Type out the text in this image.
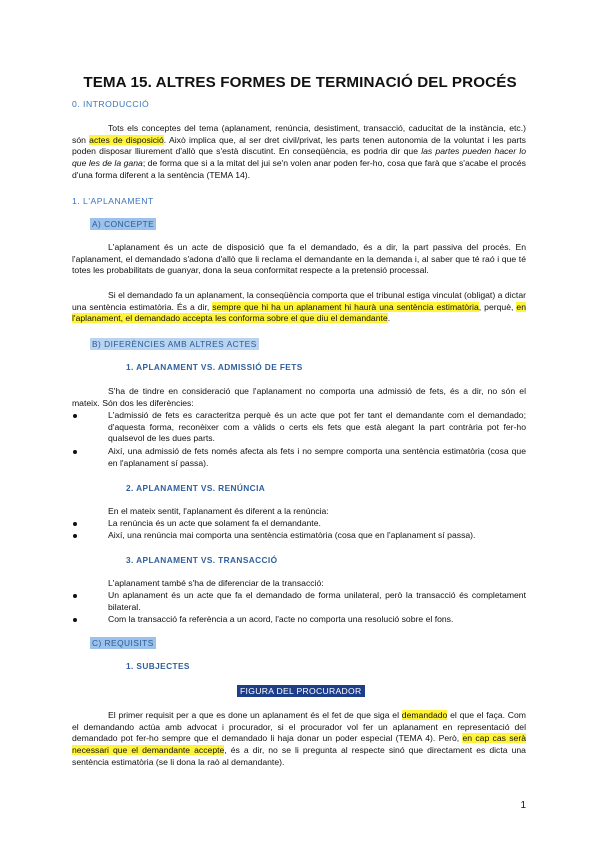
TEMA 15. ALTRES FORMES DE TERMINACIÓ DEL PROCÉS
0. INTRODUCCIÓ
Tots els conceptes del tema (aplanament, renúncia, desistiment, transacció, caducitat de la instància, etc.) són actes de disposició. Això implica que, al ser dret civil/privat, les parts tenen autonomia de la voluntat i les parts poden disposar lliurement d'allò que s'està discutint. En conseqüència, es podria dir que las partes pueden hacer lo que les de la gana; de forma que si a la mitat del jui se'n volen anar poden fer-ho, cosa que farà que s'acabe el procés d'una forma diferent a la sentència (TEMA 14).
1. L'APLANAMENT
A) CONCEPTE
L'aplanament és un acte de disposició que fa el demandado, és a dir, la part passiva del procés. En l'aplanament, el demandado s'adona d'allò que li reclama el demandante en la demanda i, al saber que té raó i que té totes les probabilitats de guanyar, dona la seua conformitat respecte a la pretensió processal.
Si el demandado fa un aplanament, la conseqüència comporta que el tribunal estiga vinculat (obligat) a dictar una sentència estimatòria. És a dir, sempre que hi ha un aplanament hi haurà una sentència estimatòria, perquè, en l'aplanament, el demandado accepta les conforma sobre el que diu el demandante.
B) DIFERÈNCIES AMB ALTRES ACTES
1. APLANAMENT VS. ADMISSIÓ DE FETS
S'ha de tindre en consideració que l'aplanament no comporta una admissió de fets, és a dir, no són el mateix. Són dos les diferències:
L'admissió de fets es caracteritza perquè és un acte que pot fer tant el demandante com el demandado; d'aquesta forma, reconèixer com a vàlids o certs els fets que està alegant la part contrària pot fer-ho qualsevol de les dues parts.
Així, una admissió de fets només afecta als fets i no sempre comporta una sentència estimatòria (cosa que en l'aplanament sí passa).
2. APLANAMENT VS. RENÚNCIA
En el mateix sentit, l'aplanament és diferent a la renúncia:
La renúncia és un acte que solament fa el demandante.
Així, una renúncia mai comporta una sentència estimatòria (cosa que en l'aplanament sí passa).
3. APLANAMENT VS. TRANSACCIÓ
L'aplanament també s'ha de diferenciar de la transacció:
Un aplanament és un acte que fa el demandado de forma unilateral, però la transacció és completament bilateral.
Com la transacció fa referència a un acord, l'acte no comporta una resolució sobre el fons.
C) REQUISITS
1. SUBJECTES
FIGURA DEL PROCURADOR
El primer requisit per a que es done un aplanament és el fet de que siga el demandado el que el faça. Com el demandando actúa amb advocat i procurador, si el procurador vol fer un aplanament en representació del demandado pot fer-ho sempre que el demandado li haja donar un poder especial (TEMA 4). Però, en cap cas serà necessari que el demandante accepte, és a dir, no se li pregunta al respecte sinó que directament es dicta una sentència estimatòria (se li dona la raò al demandante).
1
